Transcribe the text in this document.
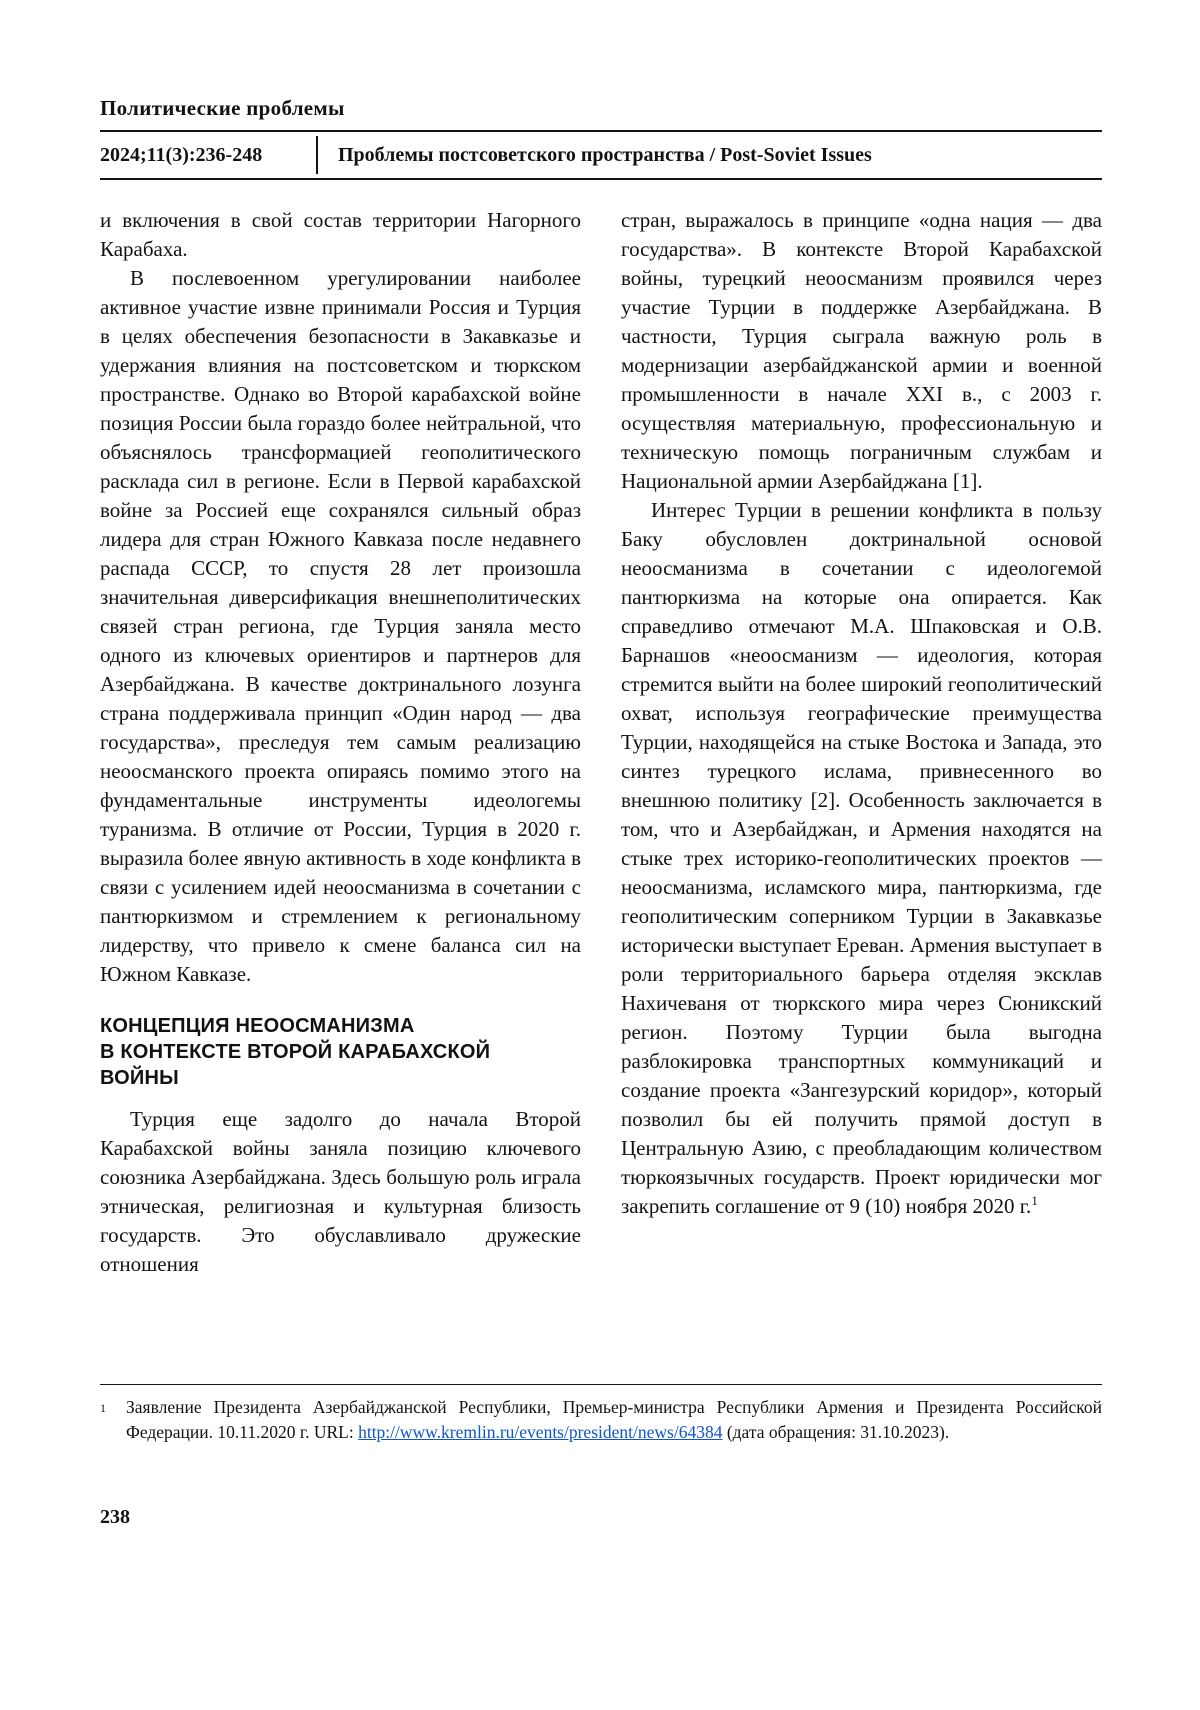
Политические проблемы
2024;11(3):236-248	Проблемы постсоветского пространства / Post-Soviet Issues

и включения в свой состав территории Нагорного Карабаха.

В послевоенном урегулировании наиболее активное участие извне принимали Россия и Турция в целях обеспечения безопасности в Закавказье и удержания влияния на постсоветском и тюркском пространстве. Однако во Второй карабахской войне позиция России была гораздо более нейтральной, что объяснялось трансформацией геополитического расклада сил в регионе. Если в Первой карабахской войне за Россией еще сохранялся сильный образ лидера для стран Южного Кавказа после недавнего распада СССР, то спустя 28 лет произошла значительная диверсификация внешнеполитических связей стран региона, где Турция заняла место одного из ключевых ориентиров и партнеров для Азербайджана. В качестве доктринального лозунга страна поддерживала принцип «Один народ — два государства», преследуя тем самым реализацию неоосманского проекта опираясь помимо этого на фундаментальные инструменты идеологемы туранизма. В отличие от России, Турция в 2020 г. выразила более явную активность в ходе конфликта в связи с усилением идей неоосманизма в сочетании с пантюркизмом и стремлением к региональному лидерству, что привело к смене баланса сил на Южном Кавказе.

КОНЦЕПЦИЯ НЕООСМАНИЗМА
В КОНТЕКСТЕ ВТОРОЙ КАРАБАХСКОЙ
ВОЙНЫ

Турция еще задолго до начала Второй Карабахской войны заняла позицию ключевого союзника Азербайджана. Здесь большую роль играла этническая, религиозная и культурная близость государств. Это обуславливало дружеские отношения

стран, выражалось в принципе «одна нация — два государства». В контексте Второй Карабахской войны, турецкий неоосманизм проявился через участие Турции в поддержке Азербайджана. В частности, Турция сыграла важную роль в модернизации азербайджанской армии и военной промышленности в начале XXI в., с 2003 г. осуществляя материальную, профессиональную и техническую помощь пограничным службам и Национальной армии Азербайджана [1].

Интерес Турции в решении конфликта в пользу Баку обусловлен доктринальной основой неоосманизма в сочетании с идеологемой пантюркизма на которые она опирается. Как справедливо отмечают М.А. Шпаковская и О.В. Барнашов «неоосманизм — идеология, которая стремится выйти на более широкий геополитический охват, используя географические преимущества Турции, находящейся на стыке Востока и Запада, это синтез турецкого ислама, привнесенного во внешнюю политику [2]. Особенность заключается в том, что и Азербайджан, и Армения находятся на стыке трех историко-геополитических проектов — неоосманизма, исламского мира, пантюркизма, где геополитическим соперником Турции в Закавказье исторически выступает Ереван. Армения выступает в роли территориального барьера отделяя эксклав Нахичеваня от тюркского мира через Сюникский регион. Поэтому Турции была выгодна разблокировка транспортных коммуникаций и создание проекта «Зангезурский коридор», который позволил бы ей получить прямой доступ в Центральную Азию, с преобладающим количеством тюркоязычных государств. Проект юридически мог закрепить соглашение от 9 (10) ноября 2020 г.$^1$

1	Заявление Президента Азербайджанской Республики, Премьер-министра Республики Армения и Президента Российской Федерации. 10.11.2020 г. URL: http://www.kremlin.ru/events/president/news/64384 (дата обращения: 31.10.2023).
238
